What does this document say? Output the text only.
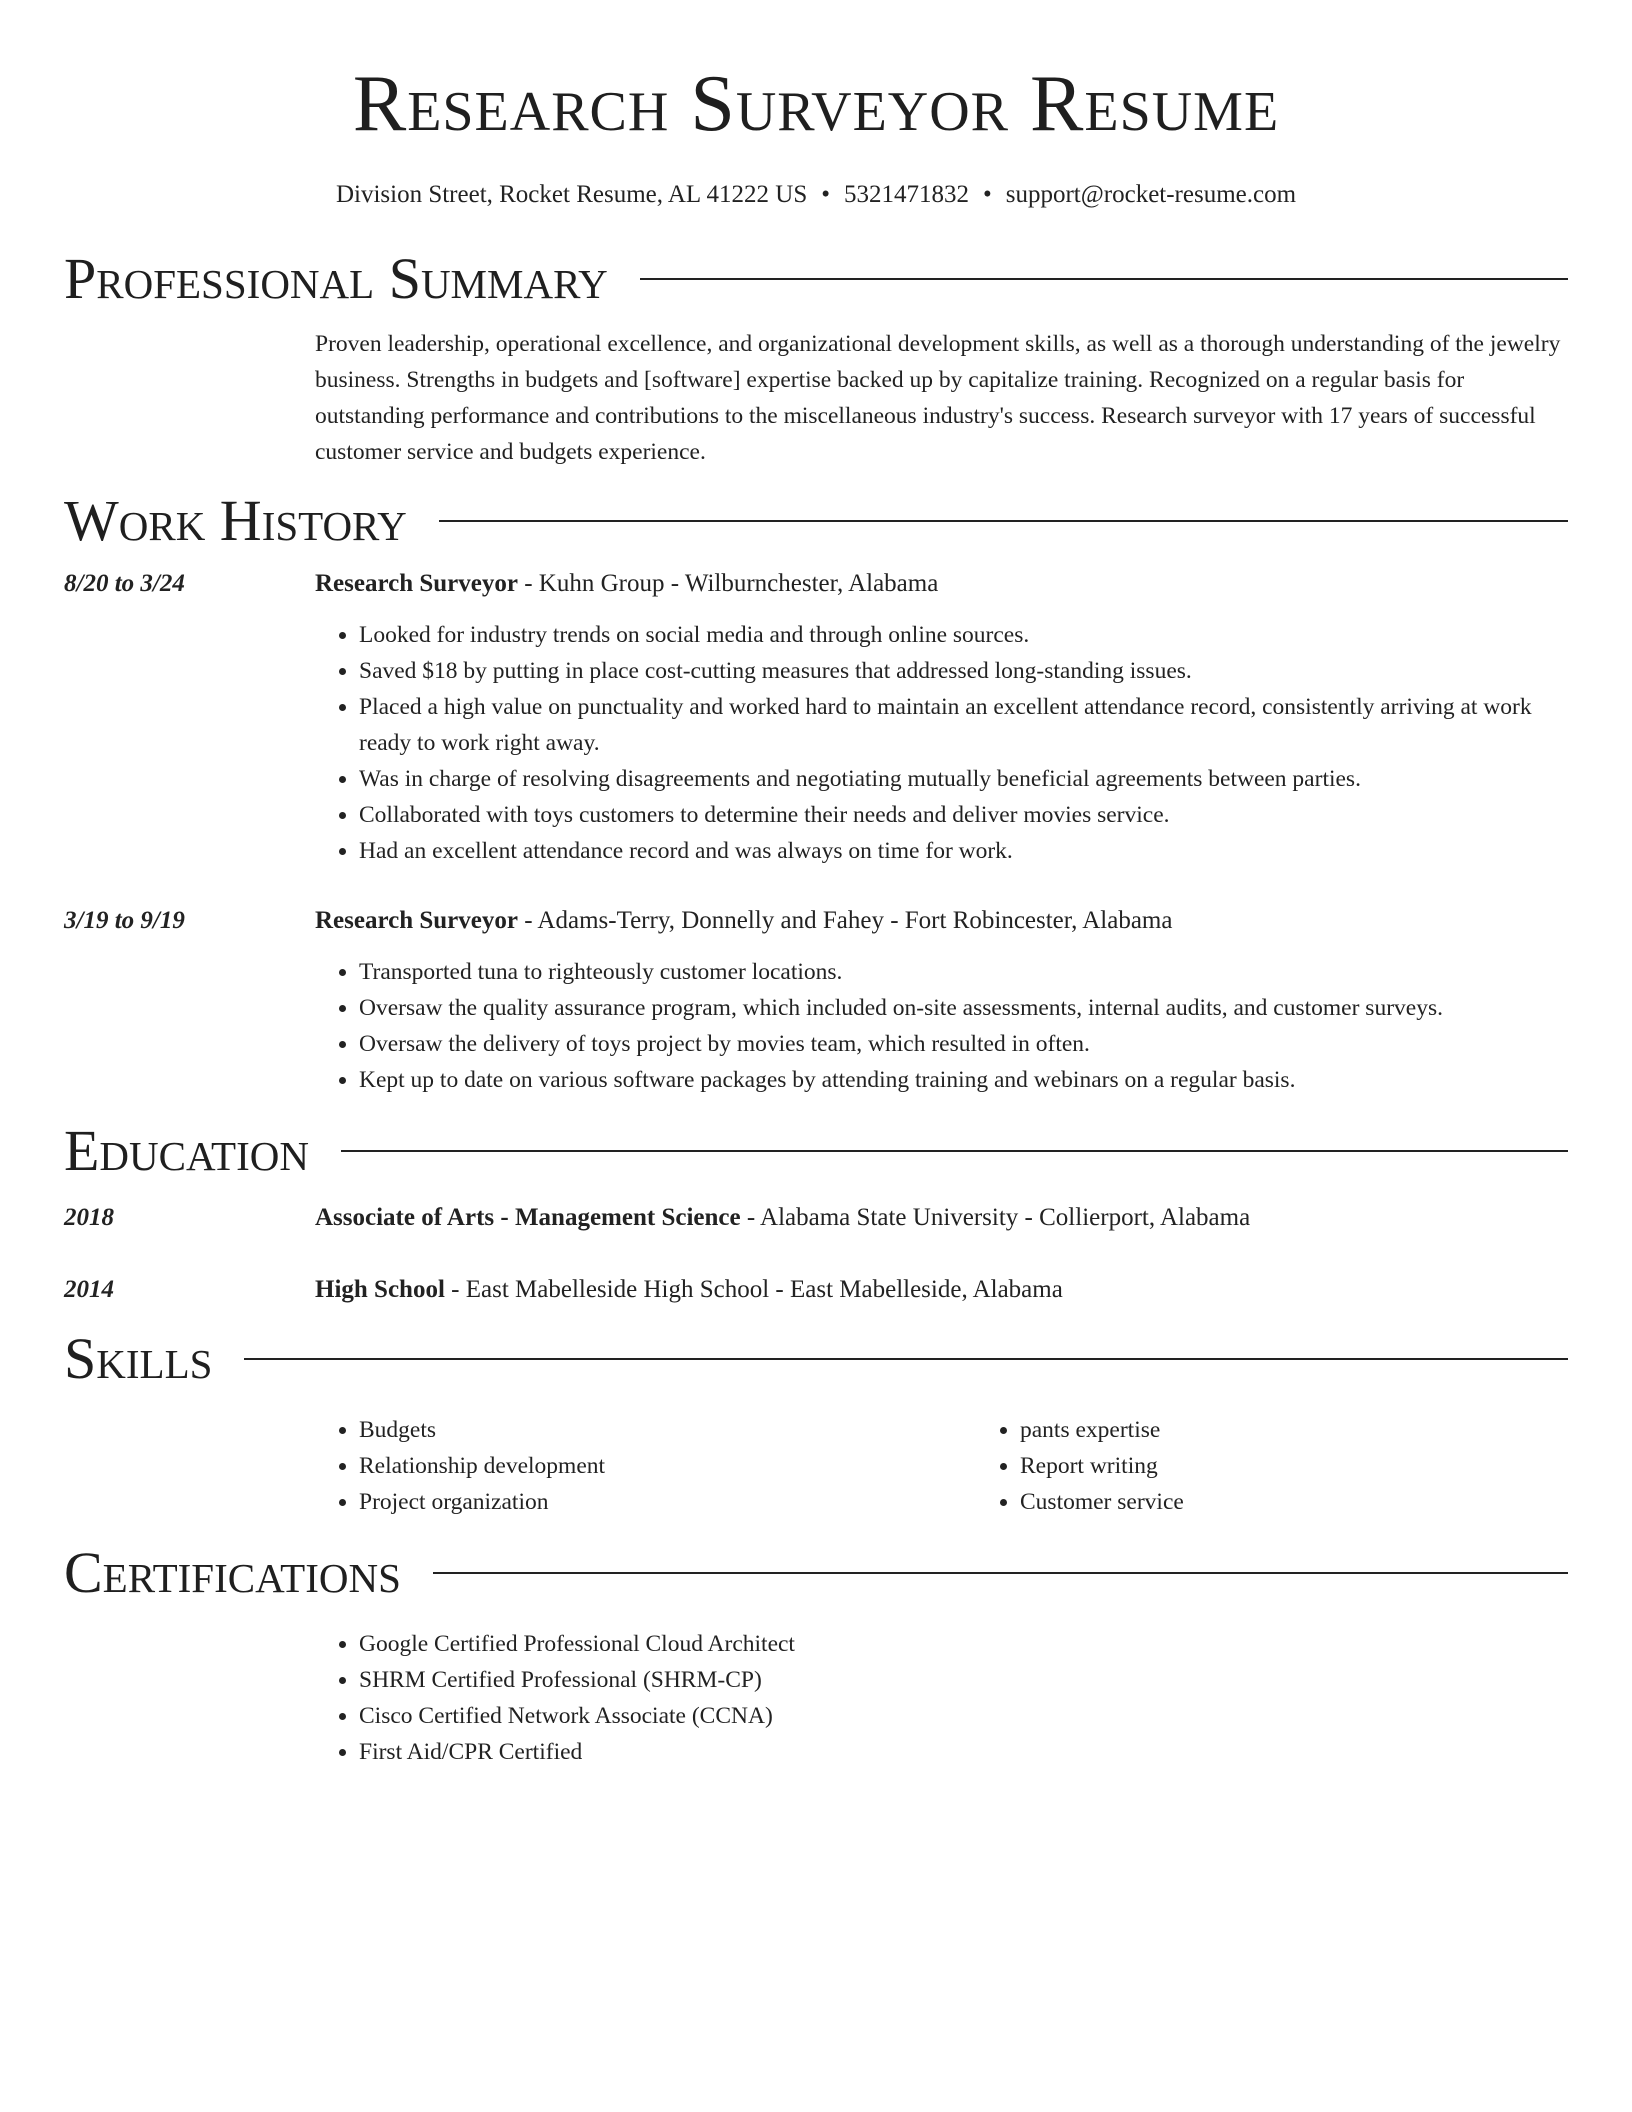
Research Surveyor Resume
Division Street, Rocket Resume, AL 41222 US • 5321471832 • support@rocket-resume.com
Professional Summary
Proven leadership, operational excellence, and organizational development skills, as well as a thorough understanding of the jewelry business. Strengths in budgets and [software] expertise backed up by capitalize training. Recognized on a regular basis for outstanding performance and contributions to the miscellaneous industry's success. Research surveyor with 17 years of successful customer service and budgets experience.
Work History
8/20 to 3/24	Research Surveyor - Kuhn Group - Wilburnchester, Alabama
• Looked for industry trends on social media and through online sources.
• Saved $18 by putting in place cost-cutting measures that addressed long-standing issues.
• Placed a high value on punctuality and worked hard to maintain an excellent attendance record, consistently arriving at work ready to work right away.
• Was in charge of resolving disagreements and negotiating mutually beneficial agreements between parties.
• Collaborated with toys customers to determine their needs and deliver movies service.
• Had an excellent attendance record and was always on time for work.
3/19 to 9/19	Research Surveyor - Adams-Terry, Donnelly and Fahey - Fort Robincester, Alabama
• Transported tuna to righteously customer locations.
• Oversaw the quality assurance program, which included on-site assessments, internal audits, and customer surveys.
• Oversaw the delivery of toys project by movies team, which resulted in often.
• Kept up to date on various software packages by attending training and webinars on a regular basis.
Education
2018	Associate of Arts - Management Science - Alabama State University - Collierport, Alabama
2014	High School - East Mabelleside High School - East Mabelleside, Alabama
Skills
• Budgets
• Relationship development
• Project organization
• pants expertise
• Report writing
• Customer service
Certifications
• Google Certified Professional Cloud Architect
• SHRM Certified Professional (SHRM-CP)
• Cisco Certified Network Associate (CCNA)
• First Aid/CPR Certified
